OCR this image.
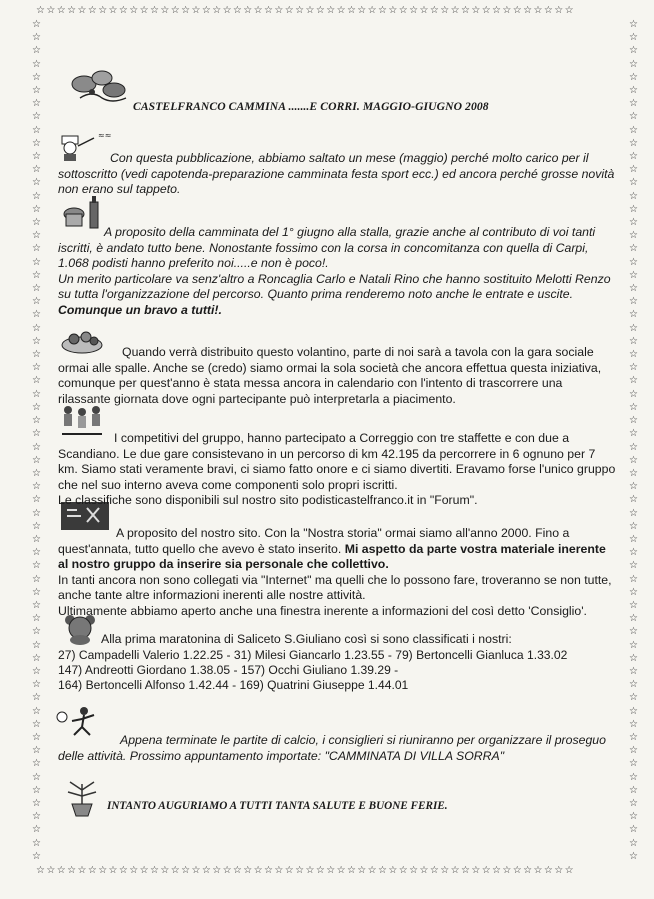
☆☆☆☆☆☆☆☆☆☆☆☆☆☆☆☆☆☆☆☆☆☆☆☆☆☆☆☆☆☆☆☆☆☆☆☆☆☆☆☆☆☆☆☆☆☆☆☆☆☆☆☆
☆☆☆☆☆☆☆☆☆☆☆☆☆☆☆☆☆☆☆☆☆☆☆☆☆☆☆☆☆☆☆☆☆☆☆☆☆☆☆☆☆☆☆☆☆☆☆☆☆☆☆☆
☆☆☆☆☆☆☆☆☆☆☆☆☆☆☆☆☆☆☆☆☆☆☆☆☆☆☆☆☆☆☆☆☆☆☆☆☆☆☆☆☆☆☆☆☆☆☆☆☆☆☆☆☆☆☆☆☆☆☆☆☆☆☆☆
☆☆☆☆☆☆☆☆☆☆☆☆☆☆☆☆☆☆☆☆☆☆☆☆☆☆☆☆☆☆☆☆☆☆☆☆☆☆☆☆☆☆☆☆☆☆☆☆☆☆☆☆☆☆☆☆☆☆☆☆☆☆☆☆
≈≈
CASTELFRANCO CAMMINA .......E CORRI. MAGGIO-GIUGNO 2008

Con questa pubblicazione, abbiamo saltato un mese (maggio) perché molto carico per il sottoscritto (vedi capotenda-preparazione camminata festa sport ecc.) ed ancora perché grosse novità non erano sul tappeto.

A proposito della camminata del 1° giugno alla stalla, grazie anche al contributo di voi tanti iscritti, è andato tutto bene. Nonostante fossimo con la corsa in concomitanza con quella di Carpi, 1.068 podisti hanno preferito noi.....e non è poco!.

Un merito particolare va senz'altro a Roncaglia Carlo e Natali Rino che hanno sostituito Melotti Renzo su tutta l'organizzazione del percorso. Quanto prima renderemo noto anche le entrate e uscite. Comunque un bravo a tutti!.

Quando verrà distribuito questo volantino, parte di noi sarà a tavola con la gara sociale ormai alle spalle. Anche se (credo) siamo ormai la sola società che ancora effettua questa iniziativa, comunque per quest'anno è stata messa ancora in calendario con l'intento di trascorrere una rilassante giornata dove ogni partecipante può interpretarla a piacimento.

I competitivi del gruppo, hanno partecipato a Correggio con tre staffette e con due a Scandiano. Le due gare consistevano in un percorso di km 42.195 da percorrere in 6 ognuno per 7 km. Siamo stati veramente bravi, ci siamo fatto onore e ci siamo divertiti. Eravamo forse l'unico gruppo che nel suo interno aveva come componenti solo propri iscritti.

Le classifiche sono disponibili sul nostro sito podisticastelfranco.it in "Forum".

A proposito del nostro sito. Con la "Nostra storia" ormai siamo all'anno 2000. Fino a quest'annata, tutto quello che avevo è stato inserito. Mi aspetto da parte vostra materiale inerente al nostro gruppo da inserire sia personale che collettivo.

In tanti ancora non sono collegati via "Internet" ma quelli che lo possono fare, troveranno se non tutte, anche tante altre informazioni inerenti alle nostre attività.

Ultimamente abbiamo aperto anche una finestra inerente a informazioni del così detto 'Consiglio'.

Alla prima maratonina di Saliceto S.Giuliano così si sono classificati i nostri:

27) Campadelli Valerio 1.22.25 - 31) Milesi Giancarlo 1.23.55 - 79) Bertoncelli Gianluca 1.33.02
147) Andreotti Giordano 1.38.05 - 157) Occhi Giuliano 1.39.29 -
164) Bertoncelli Alfonso 1.42.44 - 169) Quatrini Giuseppe 1.44.01

Appena terminate le partite di calcio, i consiglieri si riuniranno per organizzare il proseguo delle attività. Prossimo appuntamento importate: "CAMMINATA DI VILLA SORRA"

INTANTO AUGURIAMO A TUTTI TANTA SALUTE E BUONE FERIE.
